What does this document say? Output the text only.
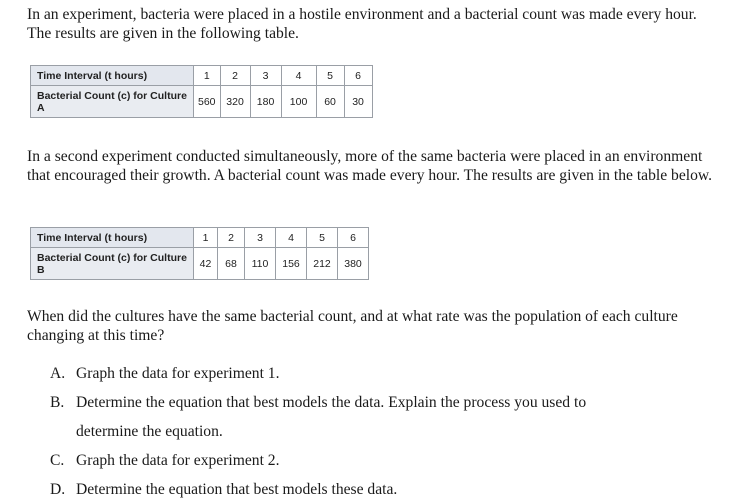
In an experiment, bacteria were placed in a hostile environment and a bacterial count was made every hour. The results are given in the following table.

Time Interval (t hours)	1	2	3	4	5	6
Bacterial Count (c) for Culture A	560	320	180	100	60	30

In a second experiment conducted simultaneously, more of the same bacteria were placed in an environment that encouraged their growth. A bacterial count was made every hour. The results are given in the table below.

Time Interval (t hours)	1	2	3	4	5	6
Bacterial Count (c) for Culture B	42	68	110	156	212	380

When did the cultures have the same bacterial count, and at what rate was the population of each culture changing at this time?

A. Graph the data for experiment 1.
B. Determine the equation that best models the data. Explain the process you used to
determine the equation.
C. Graph the data for experiment 2.
D. Determine the equation that best models these data.
